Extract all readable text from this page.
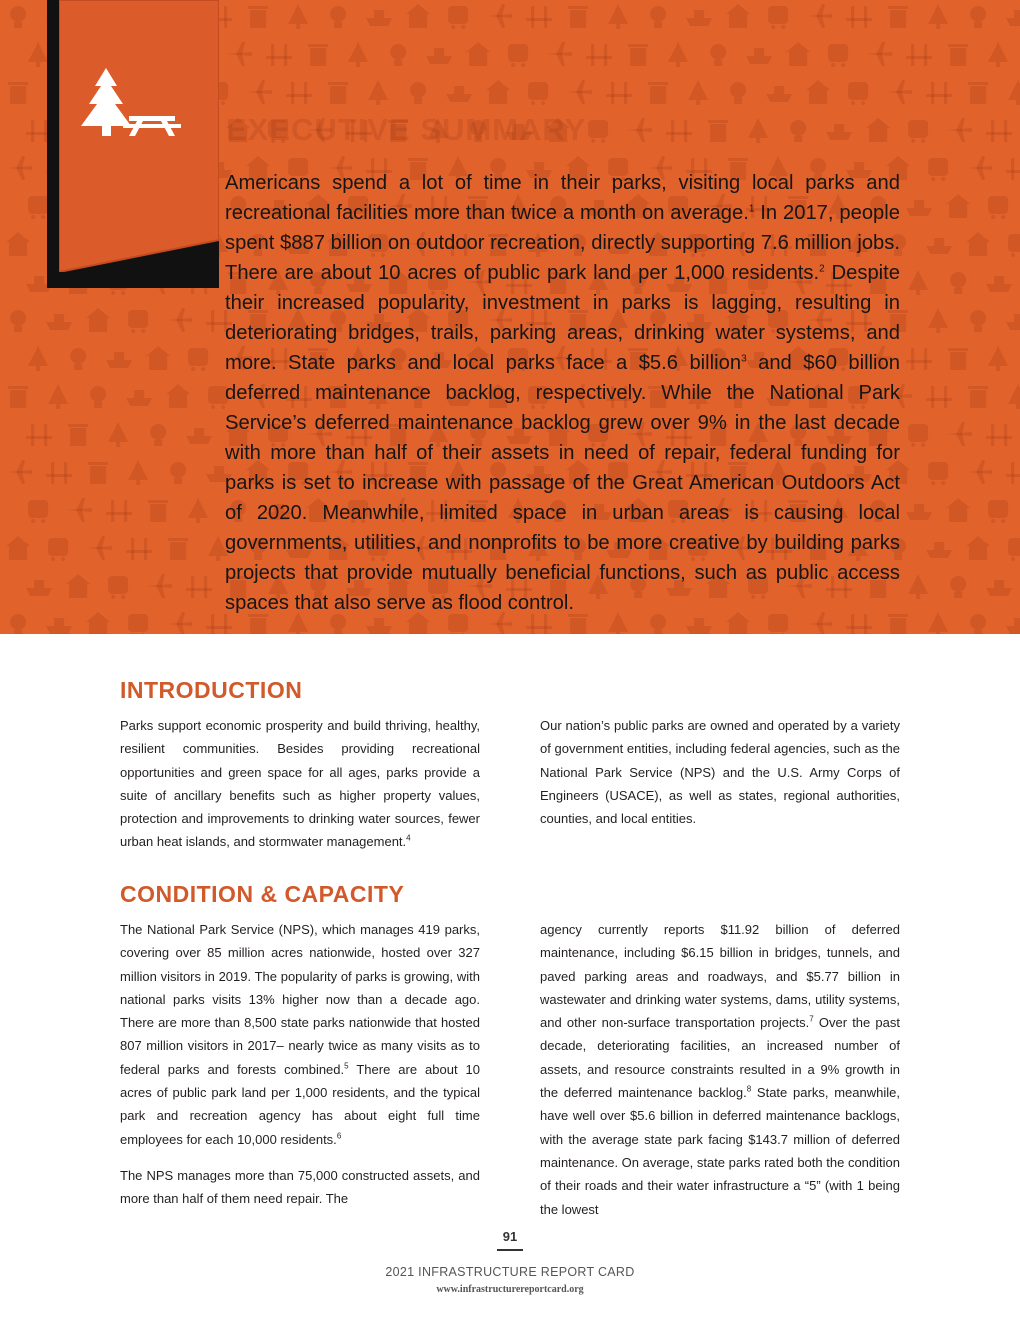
EXECUTIVE SUMMARY

Americans spend a lot of time in their parks, visiting local parks and recreational facilities more than twice a month on average.$^1$ In 2017, people spent $887 billion on outdoor recreation, directly supporting 7.6 million jobs. There are about 10 acres of public park land per 1,000 residents.$^2$ Despite their increased popularity, investment in parks is lagging, resulting in deteriorating bridges, trails, parking areas, drinking water systems, and more. State parks and local parks face a $5.6 billion$^3$ and $60 billion deferred maintenance backlog, respectively. While the National Park Service’s deferred maintenance backlog grew over 9% in the last decade with more than half of their assets in need of repair, federal funding for parks is set to increase with passage of the Great American Outdoors Act of 2020. Meanwhile, limited space in urban areas is causing local governments, utilities, and nonprofits to be more creative by building parks projects that provide mutually beneficial functions, such as public access spaces that also serve as flood control.

INTRODUCTION

Parks support economic prosperity and build thriving, healthy, resilient communities. Besides providing recreational opportunities and green space for all ages, parks provide a suite of ancillary benefits such as higher property values, protection and improvements to drinking water sources, fewer urban heat islands, and stormwater management.$^4$

Our nation’s public parks are owned and operated by a variety of government entities, including federal agencies, such as the National Park Service (NPS) and the U.S. Army Corps of Engineers (USACE), as well as states, regional authorities, counties, and local entities.

CONDITION & CAPACITY

The National Park Service (NPS), which manages 419 parks, covering over 85 million acres nationwide, hosted over 327 million visitors in 2019. The popularity of parks is growing, with national parks visits 13% higher now than a decade ago. There are more than 8,500 state parks nationwide that hosted 807 million visitors in 2017– nearly twice as many visits as to federal parks and forests combined.$^5$ There are about 10 acres of public park land per 1,000 residents, and the typical park and recreation agency has about eight full time employees for each 10,000 residents.$^6$

The NPS manages more than 75,000 constructed assets, and more than half of them need repair. The

agency currently reports $11.92 billion of deferred maintenance, including $6.15 billion in bridges, tunnels, and paved parking areas and roadways, and $5.77 billion in wastewater and drinking water systems, dams, utility systems, and other non-surface transportation projects.$^7$ Over the past decade, deteriorating facilities, an increased number of assets, and resource constraints resulted in a 9% growth in the deferred maintenance backlog.$^8$ State parks, meanwhile, have well over $5.6 billion in deferred maintenance backlogs, with the average state park facing $143.7 million of deferred maintenance. On average, state parks rated both the condition of their roads and their water infrastructure a “5” (with 1 being the lowest

91
2021 INFRASTRUCTURE REPORT CARD
www.infrastructurereportcard.org
